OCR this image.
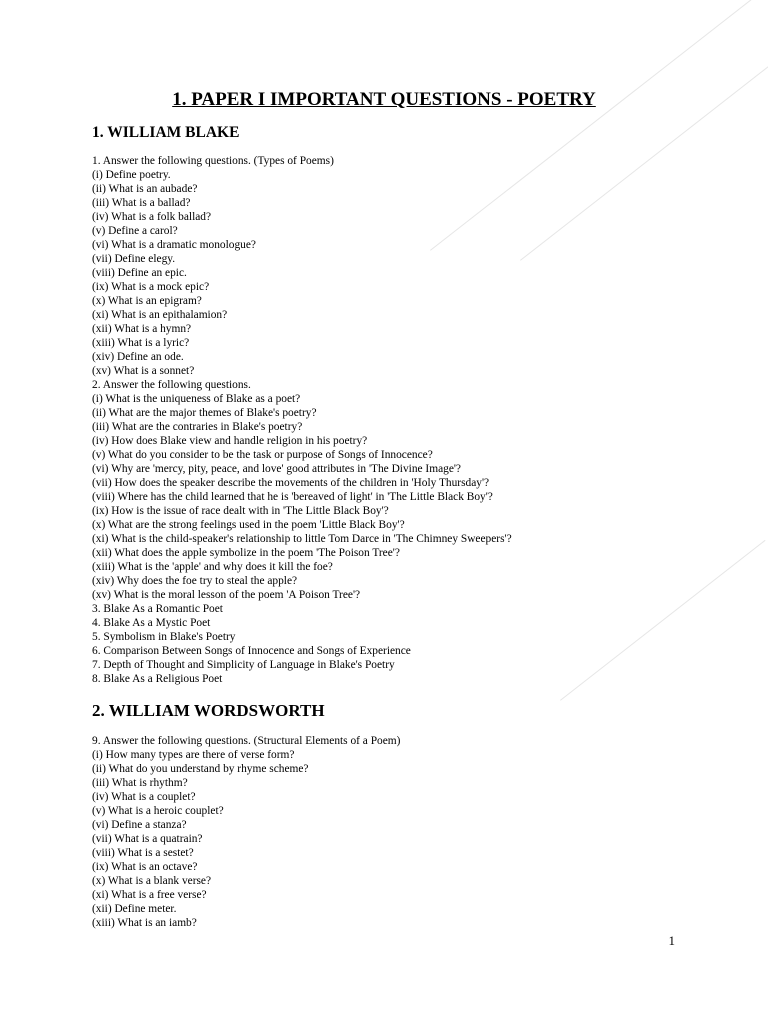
1. PAPER I IMPORTANT QUESTIONS - POETRY
1. WILLIAM BLAKE
1. Answer the following questions. (Types of Poems)
(i) Define poetry.
(ii) What is an aubade?
(iii) What is a ballad?
(iv) What is a folk ballad?
(v) Define a carol?
(vi) What is a dramatic monologue?
(vii) Define elegy.
(viii) Define an epic.
(ix) What is a mock epic?
(x) What is an epigram?
(xi) What is an epithalamion?
(xii) What is a hymn?
(xiii) What is a lyric?
(xiv) Define an ode.
(xv) What is a sonnet?
2. Answer the following questions.
(i) What is the uniqueness of Blake as a poet?
(ii) What are the major themes of Blake's poetry?
(iii) What are the contraries in Blake's poetry?
(iv) How does Blake view and handle religion in his poetry?
(v) What do you consider to be the task or purpose of Songs of Innocence?
(vi) Why are 'mercy, pity, peace, and love' good attributes in 'The Divine Image'?
(vii) How does the speaker describe the movements of the children in 'Holy Thursday'?
(viii) Where has the child learned that he is 'bereaved of light' in 'The Little Black Boy'?
(ix) How is the issue of race dealt with in 'The Little Black Boy'?
(x) What are the strong feelings used in the poem 'Little Black Boy'?
(xi) What is the child-speaker's relationship to little Tom Darce in 'The Chimney Sweepers'?
(xii) What does the apple symbolize in the poem 'The Poison Tree'?
(xiii) What is the 'apple' and why does it kill the foe?
(xiv) Why does the foe try to steal the apple?
(xv) What is the moral lesson of the poem 'A Poison Tree'?
3. Blake As a Romantic Poet
4. Blake As a Mystic Poet
5. Symbolism in Blake's Poetry
6. Comparison Between Songs of Innocence and Songs of Experience
7. Depth of Thought and Simplicity of Language in Blake's Poetry
8. Blake As a Religious Poet
2. WILLIAM WORDSWORTH
9. Answer the following questions. (Structural Elements of a Poem)
(i) How many types are there of verse form?
(ii) What do you understand by rhyme scheme?
(iii) What is rhythm?
(iv) What is a couplet?
(v) What is a heroic couplet?
(vi) Define a stanza?
(vii) What is a quatrain?
(viii) What is a sestet?
(ix) What is an octave?
(x) What is a blank verse?
(xi) What is a free verse?
(xii) Define meter.
(xiii) What is an iamb?
1
